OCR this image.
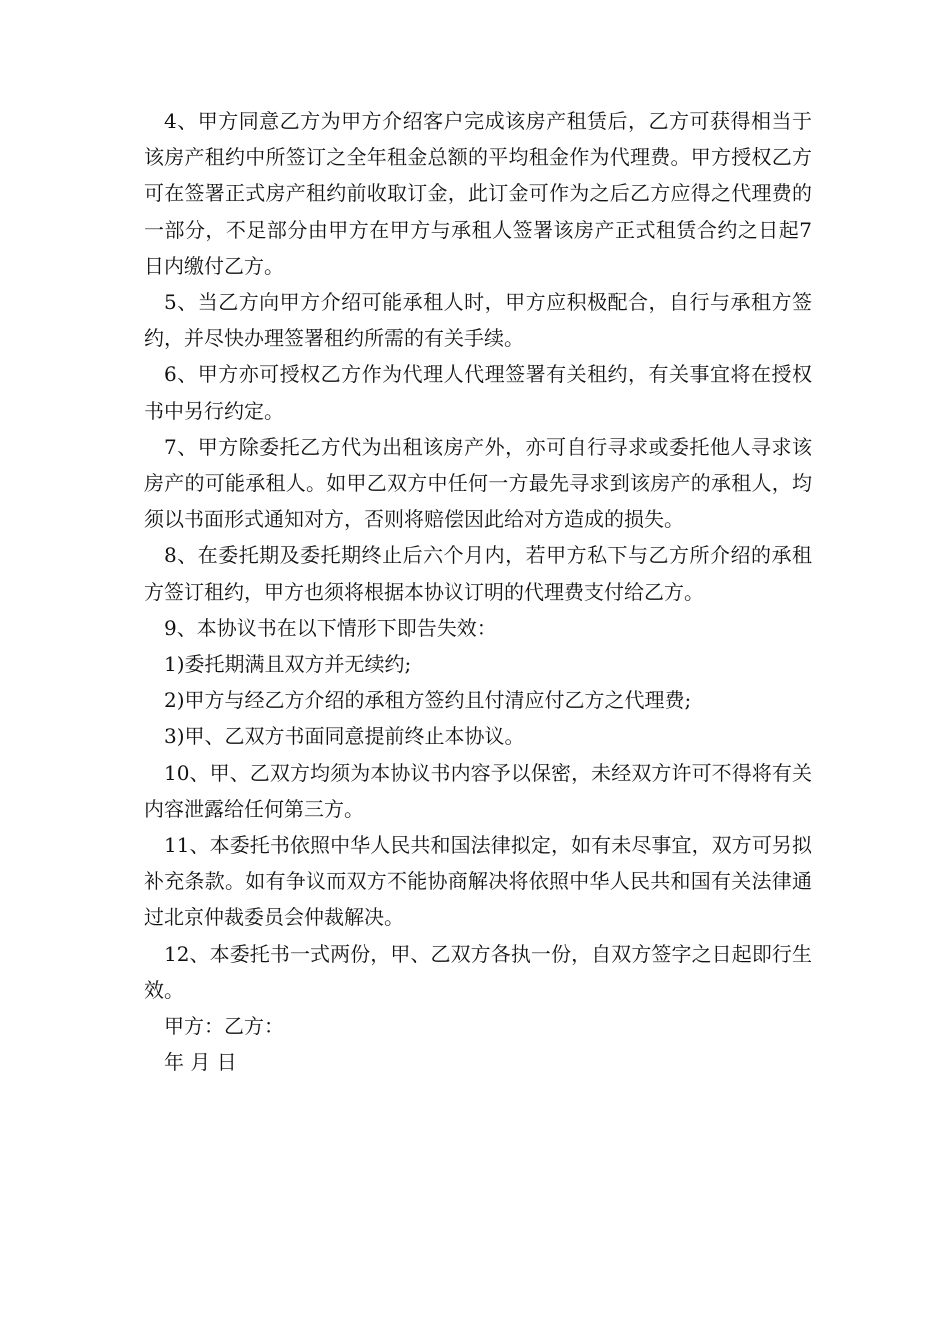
4、甲方同意乙方为甲方介绍客户完成该房产租赁后，乙方可获得相当于该房产租约中所签订之全年租金总额的平均租金作为代理费。甲方授权乙方可在签署正式房产租约前收取订金，此订金可作为之后乙方应得之代理费的一部分，不足部分由甲方在甲方与承租人签署该房产正式租赁合约之日起7日内缴付乙方。

5、当乙方向甲方介绍可能承租人时，甲方应积极配合，自行与承租方签约，并尽快办理签署租约所需的有关手续。

6、甲方亦可授权乙方作为代理人代理签署有关租约，有关事宜将在授权书中另行约定。

7、甲方除委托乙方代为出租该房产外，亦可自行寻求或委托他人寻求该房产的可能承租人。如甲乙双方中任何一方最先寻求到该房产的承租人，均须以书面形式通知对方，否则将赔偿因此给对方造成的损失。

8、在委托期及委托期终止后六个月内，若甲方私下与乙方所介绍的承租方签订租约，甲方也须将根据本协议订明的代理费支付给乙方。

9、本协议书在以下情形下即告失效：

1)委托期满且双方并无续约;

2)甲方与经乙方介绍的承租方签约且付清应付乙方之代理费;

3)甲、乙双方书面同意提前终止本协议。

10、甲、乙双方均须为本协议书内容予以保密，未经双方许可不得将有关内容泄露给任何第三方。

11、本委托书依照中华人民共和国法律拟定，如有未尽事宜，双方可另拟补充条款。如有争议而双方不能协商解决将依照中华人民共和国有关法律通过北京仲裁委员会仲裁解决。

12、本委托书一式两份，甲、乙双方各执一份，自双方签字之日起即行生效。

甲方：乙方：

年 月 日
